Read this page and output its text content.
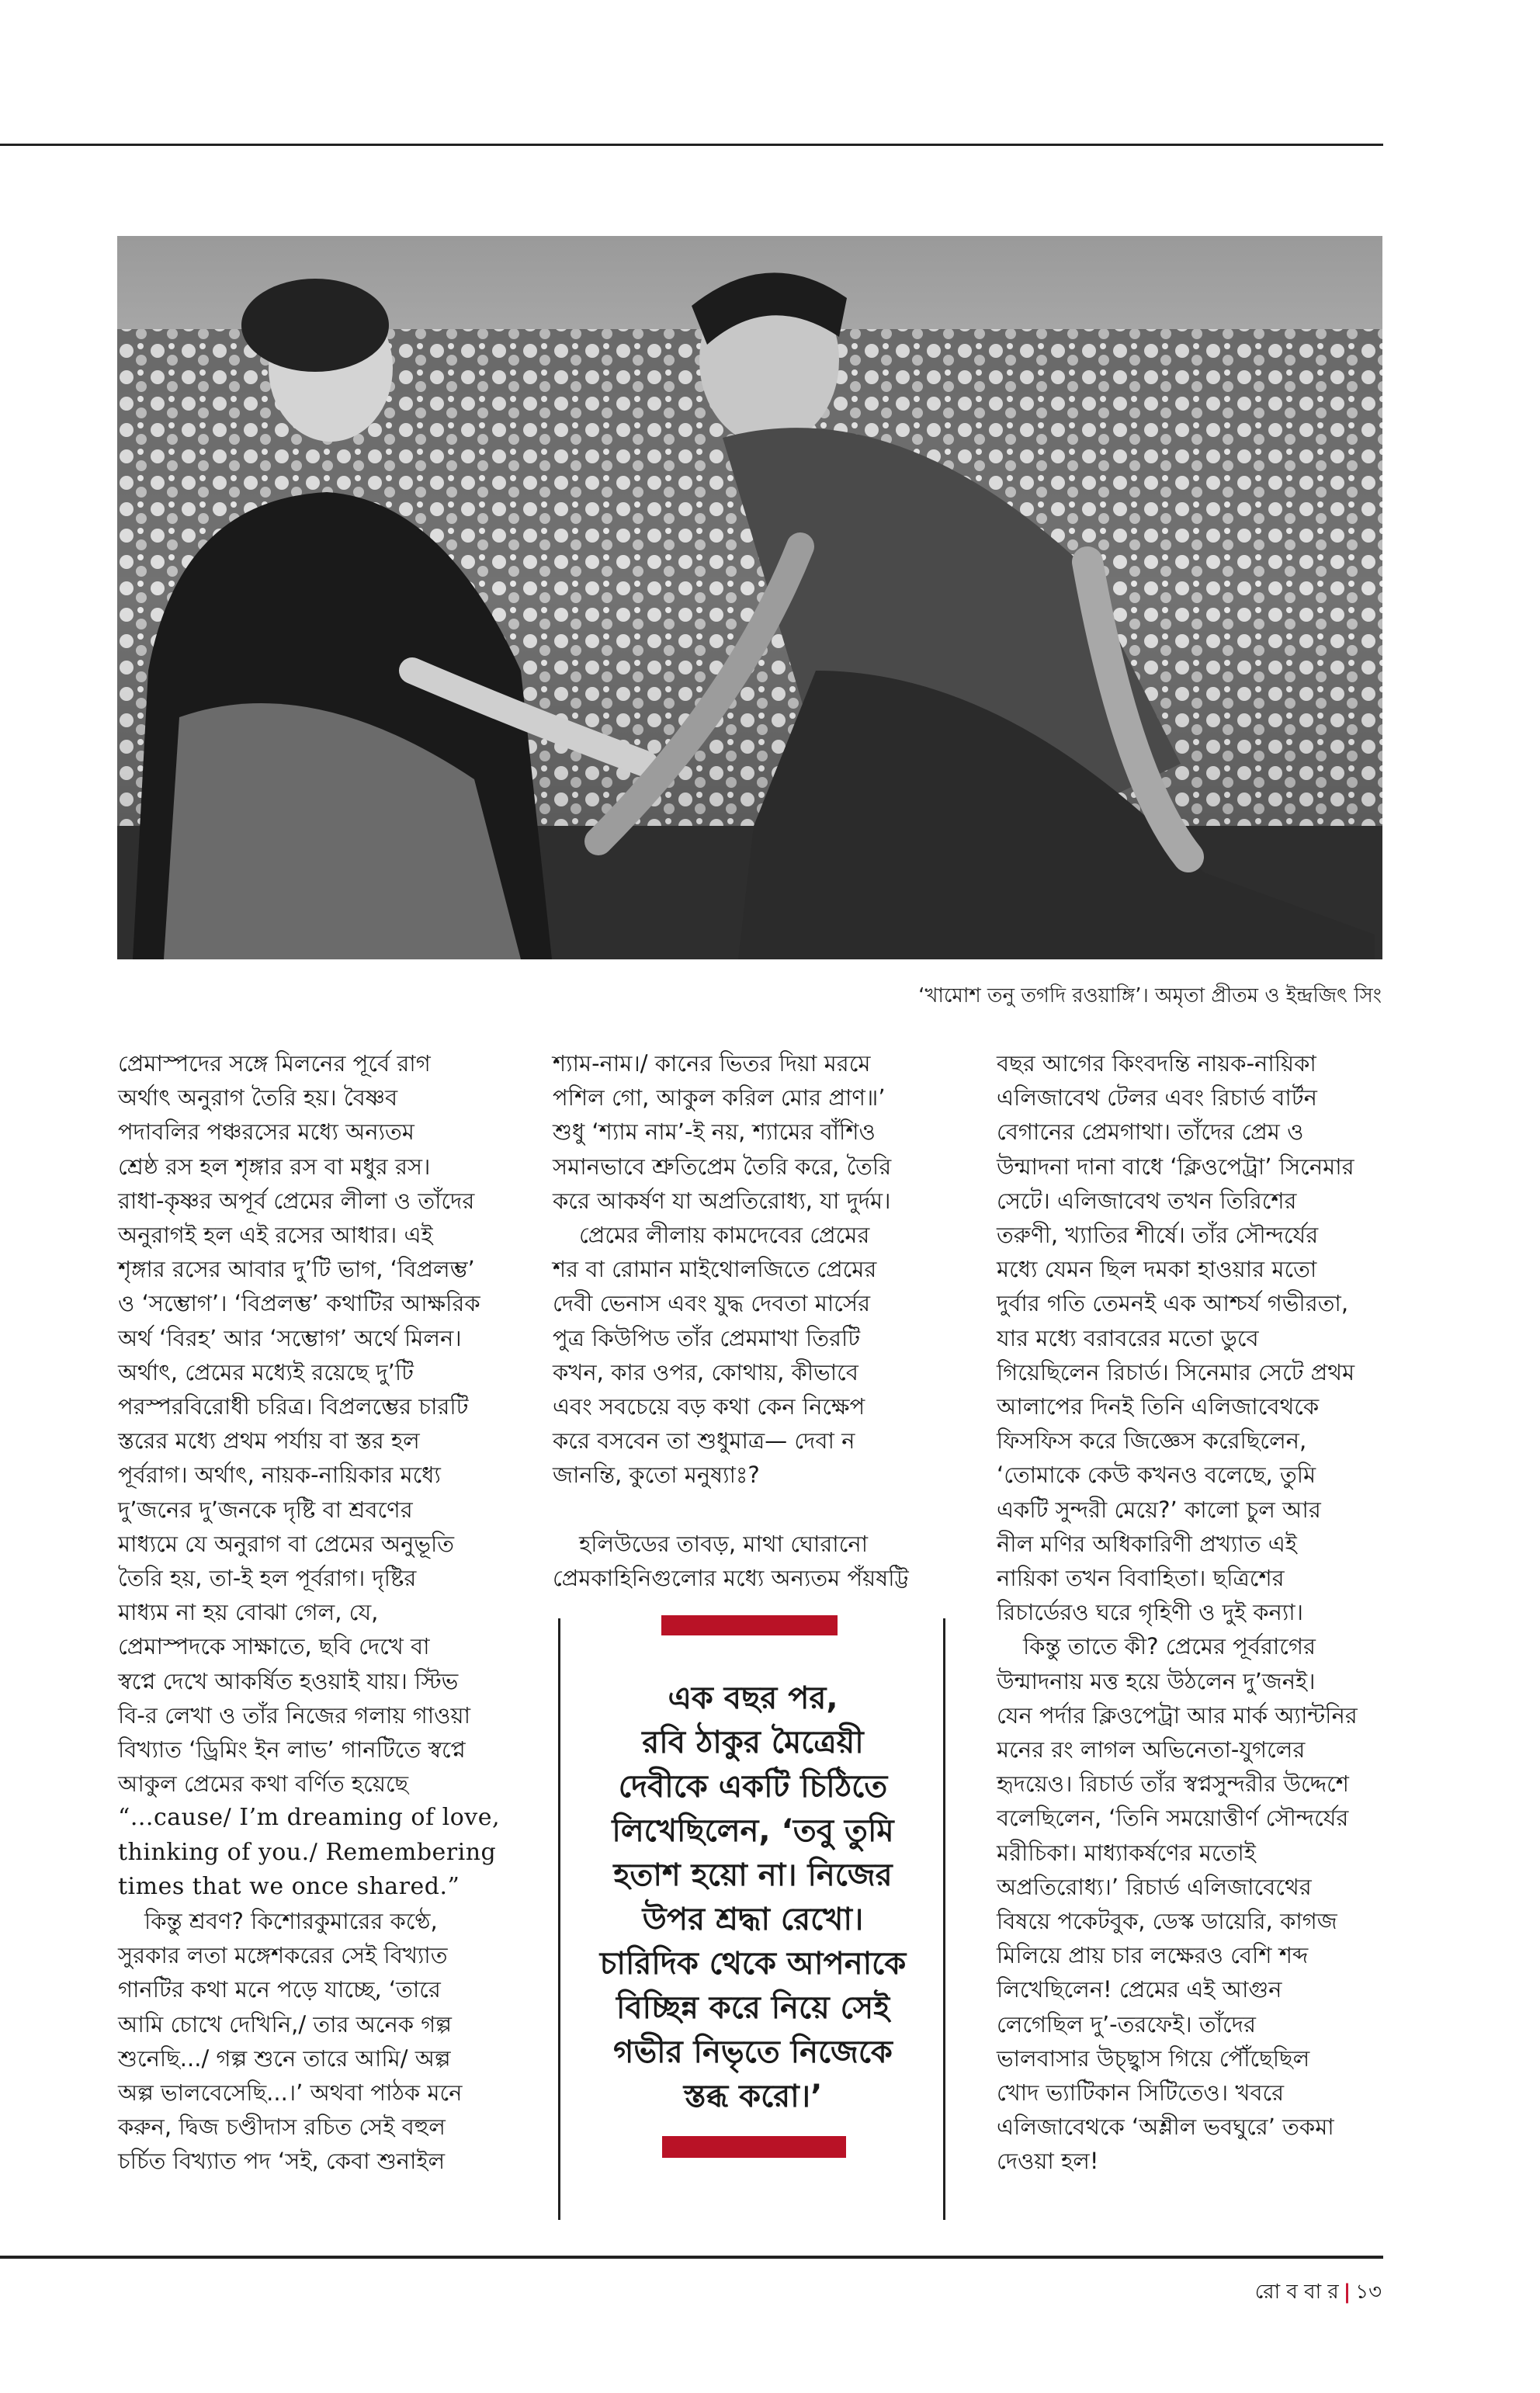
‘খামোশ তনু তগদি রওয়াঙ্গি’। অমৃতা প্রীতম ও ইন্দ্রজিৎ সিং
প্রেমাস্পদের সঙ্গে মিলনের পূর্বে রাগ
অর্থাৎ অনুরাগ তৈরি হয়। বৈষ্ণব
পদাবলির পঞ্চরসের মধ্যে অন্যতম
শ্রেষ্ঠ রস হল শৃঙ্গার রস বা মধুর রস।
রাধা-কৃষ্ণর অপূর্ব প্রেমের লীলা ও তাঁদের
অনুরাগই হল এই রসের আধার। এই
শৃঙ্গার রসের আবার দু’টি ভাগ, ‘বিপ্রলম্ভ’
ও ‘সম্ভোগ’। ‘বিপ্রলম্ভ’ কথাটির আক্ষরিক
অর্থ ‘বিরহ’ আর ‘সম্ভোগ’ অর্থে মিলন।
অর্থাৎ, প্রেমের মধ্যেই রয়েছে দু’টি
পরস্পরবিরোধী চরিত্র। বিপ্রলম্ভের চারটি
স্তরের মধ্যে প্রথম পর্যায় বা স্তর হল
পূর্বরাগ। অর্থাৎ, নায়ক-নায়িকার মধ্যে
দু’জনের দু’জনকে দৃষ্টি বা শ্রবণের
মাধ্যমে যে অনুরাগ বা প্রেমের অনুভূতি
তৈরি হয়, তা-ই হল পূর্বরাগ। দৃষ্টির
মাধ্যম না হয় বোঝা গেল, যে,
প্রেমাস্পদকে সাক্ষাতে, ছবি দেখে বা
স্বপ্নে দেখে আকর্ষিত হওয়াই যায়। স্টিভ
বি-র লেখা ও তাঁর নিজের গলায় গাওয়া
বিখ্যাত ‘ড্রিমিং ইন লাভ’ গানটিতে স্বপ্নে
আকুল প্রেমের কথা বর্ণিত হয়েছে
“...cause/ I’m dreaming of love,
thinking of you./ Remembering
times that we once shared.”
কিন্তু শ্রবণ? কিশোরকুমারের কণ্ঠে,
সুরকার লতা মঙ্গেশকরের সেই বিখ্যাত
গানটির কথা মনে পড়ে যাচ্ছে, ‘তারে
আমি চোখে দেখিনি,/ তার অনেক গল্প
শুনেছি.../ গল্প শুনে তারে আমি/ অল্প
অল্প ভালবেসেছি...।’ অথবা পাঠক মনে
করুন, দ্বিজ চণ্ডীদাস রচিত সেই বহুল
চর্চিত বিখ্যাত পদ ‘সই, কেবা শুনাইল
শ্যাম-নাম।/ কানের ভিতর দিয়া মরমে
পশিল গো, আকুল করিল মোর প্রাণ॥’
শুধু ‘শ্যাম নাম’-ই নয়, শ্যামের বাঁশিও
সমানভাবে শ্রুতিপ্রেম তৈরি করে, তৈরি
করে আকর্ষণ যা অপ্রতিরোধ্য, যা দুর্দম।
প্রেমের লীলায় কামদেবের প্রেমের
শর বা রোমান মাইথোলজিতে প্রেমের
দেবী ভেনাস এবং যুদ্ধ দেবতা মার্সের
পুত্র কিউপিড তাঁর প্রেমমাখা তিরটি
কখন, কার ওপর, কোথায়, কীভাবে
এবং সবচেয়ে বড় কথা কেন নিক্ষেপ
করে বসবেন তা শুধুমাত্র— দেবা ন
জানন্তি, কুতো মনুষ্যাঃ?
হলিউডের তাবড়, মাথা ঘোরানো
প্রেমকাহিনিগুলোর মধ্যে অন্যতম পঁয়ষট্টি
বছর আগের কিংবদন্তি নায়ক-নায়িকা
এলিজাবেথ টেলর এবং রিচার্ড বার্টন
বেগানের প্রেমগাথা। তাঁদের প্রেম ও
উন্মাদনা দানা বাধে ‘ক্লিওপেট্রা’ সিনেমার
সেটে। এলিজাবেথ তখন তিরিশের
তরুণী, খ্যাতির শীর্ষে। তাঁর সৌন্দর্যের
মধ্যে যেমন ছিল দমকা হাওয়ার মতো
দুর্বার গতি তেমনই এক আশ্চর্য গভীরতা,
যার মধ্যে বরাবরের মতো ডুবে
গিয়েছিলেন রিচার্ড। সিনেমার সেটে প্রথম
আলাপের দিনই তিনি এলিজাবেথকে
ফিসফিস করে জিজ্ঞেস করেছিলেন,
‘তোমাকে কেউ কখনও বলেছে, তুমি
একটি সুন্দরী মেয়ে?’ কালো চুল আর
নীল মণির অধিকারিণী প্রখ্যাত এই
নায়িকা তখন বিবাহিতা। ছত্রিশের
রিচার্ডেরও ঘরে গৃহিণী ও দুই কন্যা।
কিন্তু তাতে কী? প্রেমের পূর্বরাগের
উন্মাদনায় মত্ত হয়ে উঠলেন দু’জনই।
যেন পর্দার ক্লিওপেট্রা আর মার্ক অ্যান্টনির
মনের রং লাগল অভিনেতা-যুগলের
হৃদয়েও। রিচার্ড তাঁর স্বপ্নসুন্দরীর উদ্দেশে
বলেছিলেন, ‘তিনি সময়োত্তীর্ণ সৌন্দর্যের
মরীচিকা। মাধ্যাকর্ষণের মতোই
অপ্রতিরোধ্য।’ রিচার্ড এলিজাবেথের
বিষয়ে পকেটবুক, ডেস্ক ডায়েরি, কাগজ
মিলিয়ে প্রায় চার লক্ষেরও বেশি শব্দ
লিখেছিলেন! প্রেমের এই আগুন
লেগেছিল দু’-তরফেই। তাঁদের
ভালবাসার উচ্ছ্বাস গিয়ে পৌঁছেছিল
খোদ ভ্যাটিকান সিটিতেও। খবরে
এলিজাবেথকে ‘অশ্লীল ভবঘুরে’ তকমা
দেওয়া হল!
এক বছর পর,
রবি ঠাকুর মৈত্রেয়ী
দেবীকে একটি চিঠিতে
লিখেছিলেন, ‘তবু তুমি
হতাশ হয়ো না। নিজের
উপর শ্রদ্ধা রেখো।
চারিদিক থেকে আপনাকে
বিচ্ছিন্ন করে নিয়ে সেই
গভীর নিভৃতে নিজেকে
স্তব্ধ করো।’
রো ব বা র | ১৩
